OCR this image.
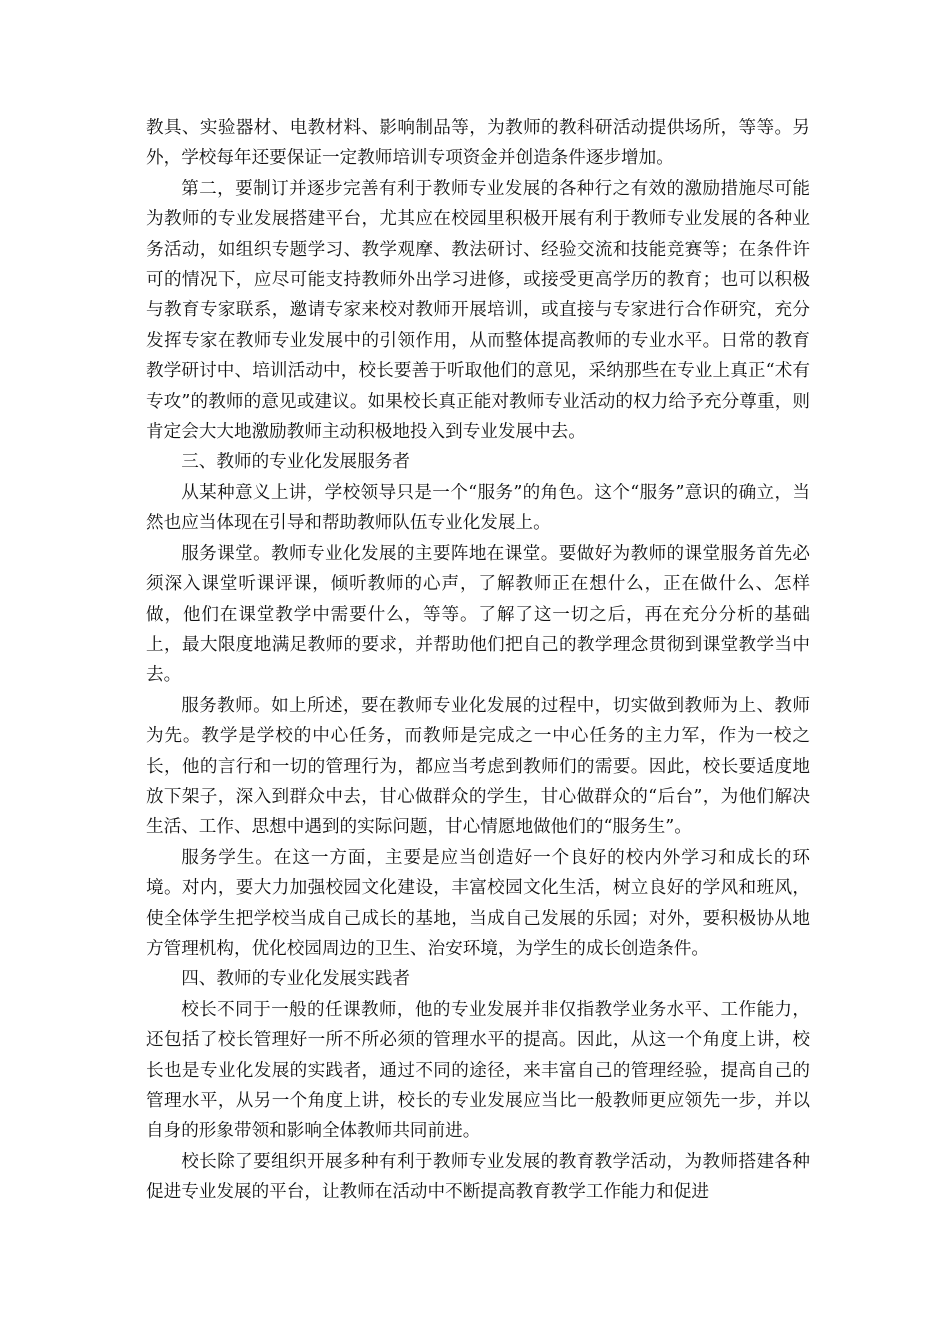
教具、实验器材、电教材料、影响制品等，为教师的教科研活动提供场所，等等。另外，学校每年还要保证一定教师培训专项资金并创造条件逐步增加。

第二，要制订并逐步完善有利于教师专业发展的各种行之有效的激励措施尽可能为教师的专业发展搭建平台，尤其应在校园里积极开展有利于教师专业发展的各种业务活动，如组织专题学习、教学观摩、教法研讨、经验交流和技能竞赛等；在条件许可的情况下，应尽可能支持教师外出学习进修，或接受更高学历的教育；也可以积极与教育专家联系，邀请专家来校对教师开展培训，或直接与专家进行合作研究，充分发挥专家在教师专业发展中的引领作用，从而整体提高教师的专业水平。日常的教育教学研讨中、培训活动中，校长要善于听取他们的意见，采纳那些在专业上真正“术有专攻”的教师的意见或建议。如果校长真正能对教师专业活动的权力给予充分尊重，则肯定会大大地激励教师主动积极地投入到专业发展中去。

三、教师的专业化发展服务者

从某种意义上讲，学校领导只是一个“服务”的角色。这个“服务”意识的确立，当然也应当体现在引导和帮助教师队伍专业化发展上。

服务课堂。教师专业化发展的主要阵地在课堂。要做好为教师的课堂服务首先必须深入课堂听课评课，倾听教师的心声，了解教师正在想什么，正在做什么、怎样做，他们在课堂教学中需要什么，等等。了解了这一切之后，再在充分分析的基础上，最大限度地满足教师的要求，并帮助他们把自己的教学理念贯彻到课堂教学当中去。

服务教师。如上所述，要在教师专业化发展的过程中，切实做到教师为上、教师为先。教学是学校的中心任务，而教师是完成之一中心任务的主力军，作为一校之长，他的言行和一切的管理行为，都应当考虑到教师们的需要。因此，校长要适度地放下架子，深入到群众中去，甘心做群众的学生，甘心做群众的“后台”，为他们解决生活、工作、思想中遇到的实际问题，甘心情愿地做他们的“服务生”。

服务学生。在这一方面，主要是应当创造好一个良好的校内外学习和成长的环境。对内，要大力加强校园文化建设，丰富校园文化生活，树立良好的学风和班风，使全体学生把学校当成自己成长的基地，当成自己发展的乐园；对外，要积极协从地方管理机构，优化校园周边的卫生、治安环境，为学生的成长创造条件。

四、教师的专业化发展实践者

校长不同于一般的任课教师，他的专业发展并非仅指教学业务水平、工作能力，还包括了校长管理好一所不所必须的管理水平的提高。因此，从这一个角度上讲，校长也是专业化发展的实践者，通过不同的途径，来丰富自己的管理经验，提高自己的管理水平，从另一个角度上讲，校长的专业发展应当比一般教师更应领先一步，并以自身的形象带领和影响全体教师共同前进。

校长除了要组织开展多种有利于教师专业发展的教育教学活动，为教师搭建各种促进专业发展的平台，让教师在活动中不断提高教育教学工作能力和促进
